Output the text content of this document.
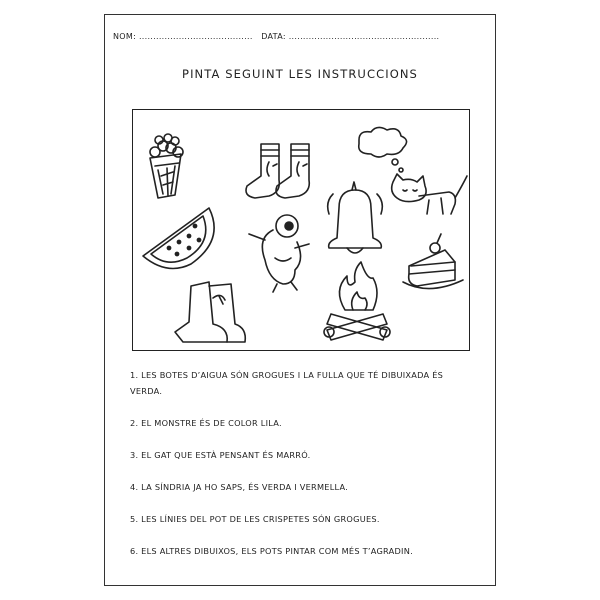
NOM: ........................................ DATA: .....................................................
PINTA SEGUINT LES INSTRUCCIONS

1. LES BOTES D’AIGUA SÓN GROGUES I LA FULLA QUE TÉ DIBUIXADA ÉS VERDA.

2. EL MONSTRE ÉS DE COLOR LILA.

3. EL GAT QUE ESTÀ PENSANT ÉS MARRÓ.

4. LA SÍNDRIA JA HO SAPS, ÉS VERDA I VERMELLA.

5. LES LÍNIES DEL POT DE LES CRISPETES SÓN GROGUES.

6. ELS ALTRES DIBUIXOS, ELS POTS PINTAR COM MÉS T’AGRADIN.
